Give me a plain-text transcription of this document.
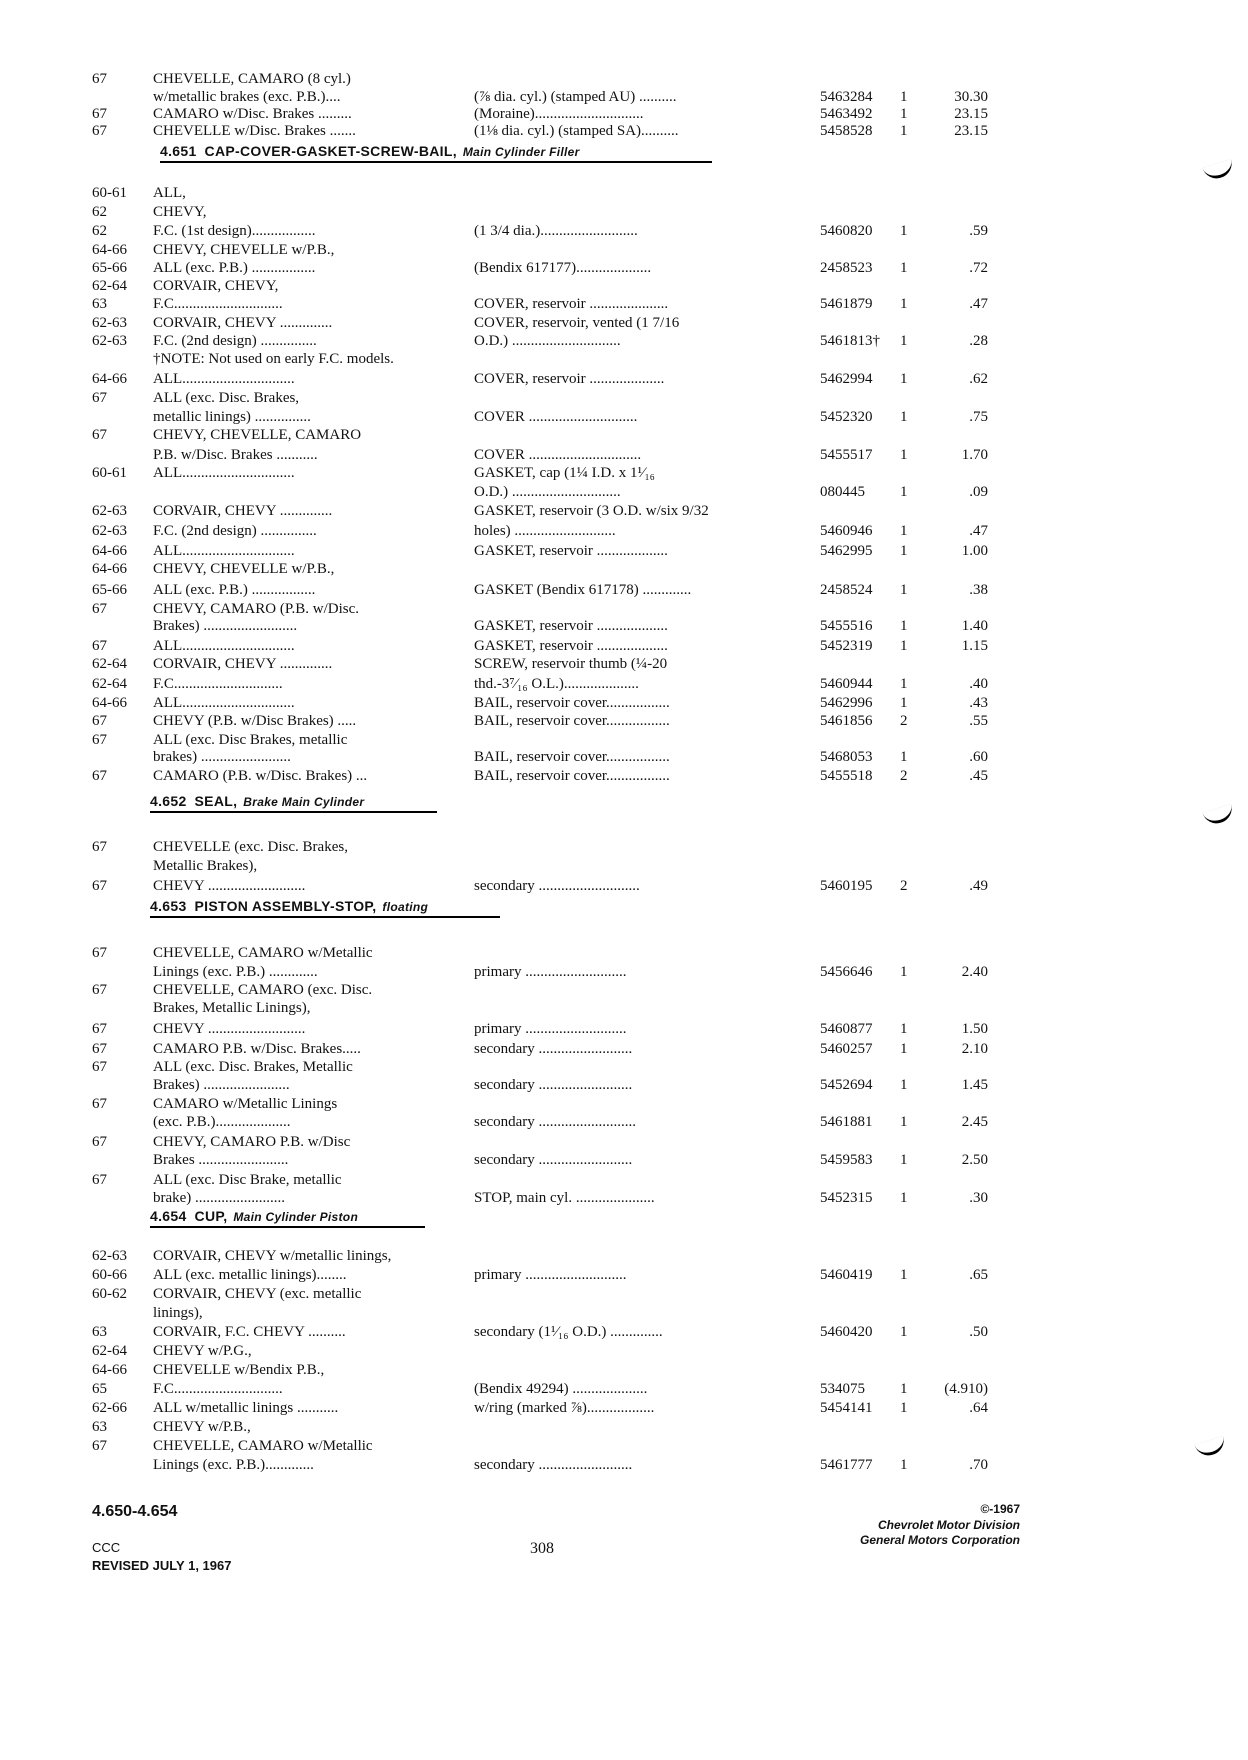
67	CHEVELLE, CAMARO (8 cyl.)
w/metallic brakes (exc. P.B.)....	(⅞ dia. cyl.) (stamped AU) ..........	5463284	1	30.30
67	CAMARO w/Disc. Brakes .........	(Moraine).............................	5463492	1	23.15
67	CHEVELLE w/Disc. Brakes .......	(1⅛ dia. cyl.) (stamped SA)..........	5458528	1	23.15
4.651 CAP-COVER-GASKET-SCREW-BAIL, Main Cylinder Filler
60-61	ALL,
62	CHEVY,
62	F.C. (1st design).................	(1 3/4 dia.)..........................	5460820	1	.59
64-66	CHEVY, CHEVELLE w/P.B.,
65-66	ALL (exc. P.B.) .................	(Bendix 617177)....................	2458523	1	.72
62-64	CORVAIR, CHEVY,
63	F.C.............................	COVER, reservoir .....................	5461879	1	.47
62-63	CORVAIR, CHEVY ..............	COVER, reservoir, vented (1 7/16
62-63	F.C. (2nd design) ...............	O.D.) .............................	5461813†	1	.28
†NOTE: Not used on early F.C. models.
64-66	ALL..............................	COVER, reservoir ....................	5462994	1	.62
67	ALL (exc. Disc. Brakes,
metallic linings) ...............	COVER .............................	5452320	1	.75
67	CHEVY, CHEVELLE, CAMARO
P.B. w/Disc. Brakes ...........	COVER ..............................	5455517	1	1.70
60-61	ALL..............................	GASKET, cap (1¼ I.D. x 1¹⁄₁₆
O.D.) .............................	080445	1	.09
62-63	CORVAIR, CHEVY ..............	GASKET, reservoir (3 O.D. w/six 9/32
62-63	F.C. (2nd design) ...............	holes) ...........................	5460946	1	.47
64-66	ALL..............................	GASKET, reservoir ...................	5462995	1	1.00
64-66	CHEVY, CHEVELLE w/P.B.,
65-66	ALL (exc. P.B.) .................	GASKET (Bendix 617178) .............	2458524	1	.38
67	CHEVY, CAMARO (P.B. w/Disc.
Brakes) .........................	GASKET, reservoir ...................	5455516	1	1.40
67	ALL..............................	GASKET, reservoir ...................	5452319	1	1.15
62-64	CORVAIR, CHEVY ..............	SCREW, reservoir thumb (¼-20
62-64	F.C.............................	thd.-3⁷⁄₁₆ O.L.)....................	5460944	1	.40
64-66	ALL..............................	BAIL, reservoir cover.................	5462996	1	.43
67	CHEVY (P.B. w/Disc Brakes) .....	BAIL, reservoir cover.................	5461856	2	.55
67	ALL (exc. Disc Brakes, metallic
brakes) ........................	BAIL, reservoir cover.................	5468053	1	.60
67	CAMARO (P.B. w/Disc. Brakes) ...	BAIL, reservoir cover.................	5455518	2	.45
4.652 SEAL, Brake Main Cylinder
67	CHEVELLE (exc. Disc. Brakes,
Metallic Brakes),
67	CHEVY ..........................	secondary ...........................	5460195	2	.49
4.653 PISTON ASSEMBLY-STOP, floating
67	CHEVELLE, CAMARO w/Metallic
Linings (exc. P.B.) .............	primary ...........................	5456646	1	2.40
67	CHEVELLE, CAMARO (exc. Disc.
Brakes, Metallic Linings),
67	CHEVY ..........................	primary ...........................	5460877	1	1.50
67	CAMARO P.B. w/Disc. Brakes.....	secondary .........................	5460257	1	2.10
67	ALL (exc. Disc. Brakes, Metallic
Brakes) .......................	secondary .........................	5452694	1	1.45
67	CAMARO w/Metallic Linings
(exc. P.B.)....................	secondary ..........................	5461881	1	2.45
67	CHEVY, CAMARO P.B. w/Disc
Brakes ........................	secondary .........................	5459583	1	2.50
67	ALL (exc. Disc Brake, metallic
brake) ........................	STOP, main cyl. .....................	5452315	1	.30
4.654 CUP, Main Cylinder Piston
62-63	CORVAIR, CHEVY w/metallic linings,
60-66	ALL (exc. metallic linings)........	primary ...........................	5460419	1	.65
60-62	CORVAIR, CHEVY (exc. metallic
linings),
63	CORVAIR, F.C. CHEVY ..........	secondary (1¹⁄₁₆ O.D.) ..............	5460420	1	.50
62-64	CHEVY w/P.G.,
64-66	CHEVELLE w/Bendix P.B.,
65	F.C.............................	(Bendix 49294) ....................	534075	1	(4.910)
62-66	ALL w/metallic linings ...........	w/ring (marked ⅞)..................	5454141	1	.64
63	CHEVY w/P.B.,
67	CHEVELLE, CAMARO w/Metallic
Linings (exc. P.B.).............	secondary .........................	5461777	1	.70
4.650-4.654
CCC
REVISED JULY 1, 1967
308
©-1967
Chevrolet Motor Division
General Motors Corporation
